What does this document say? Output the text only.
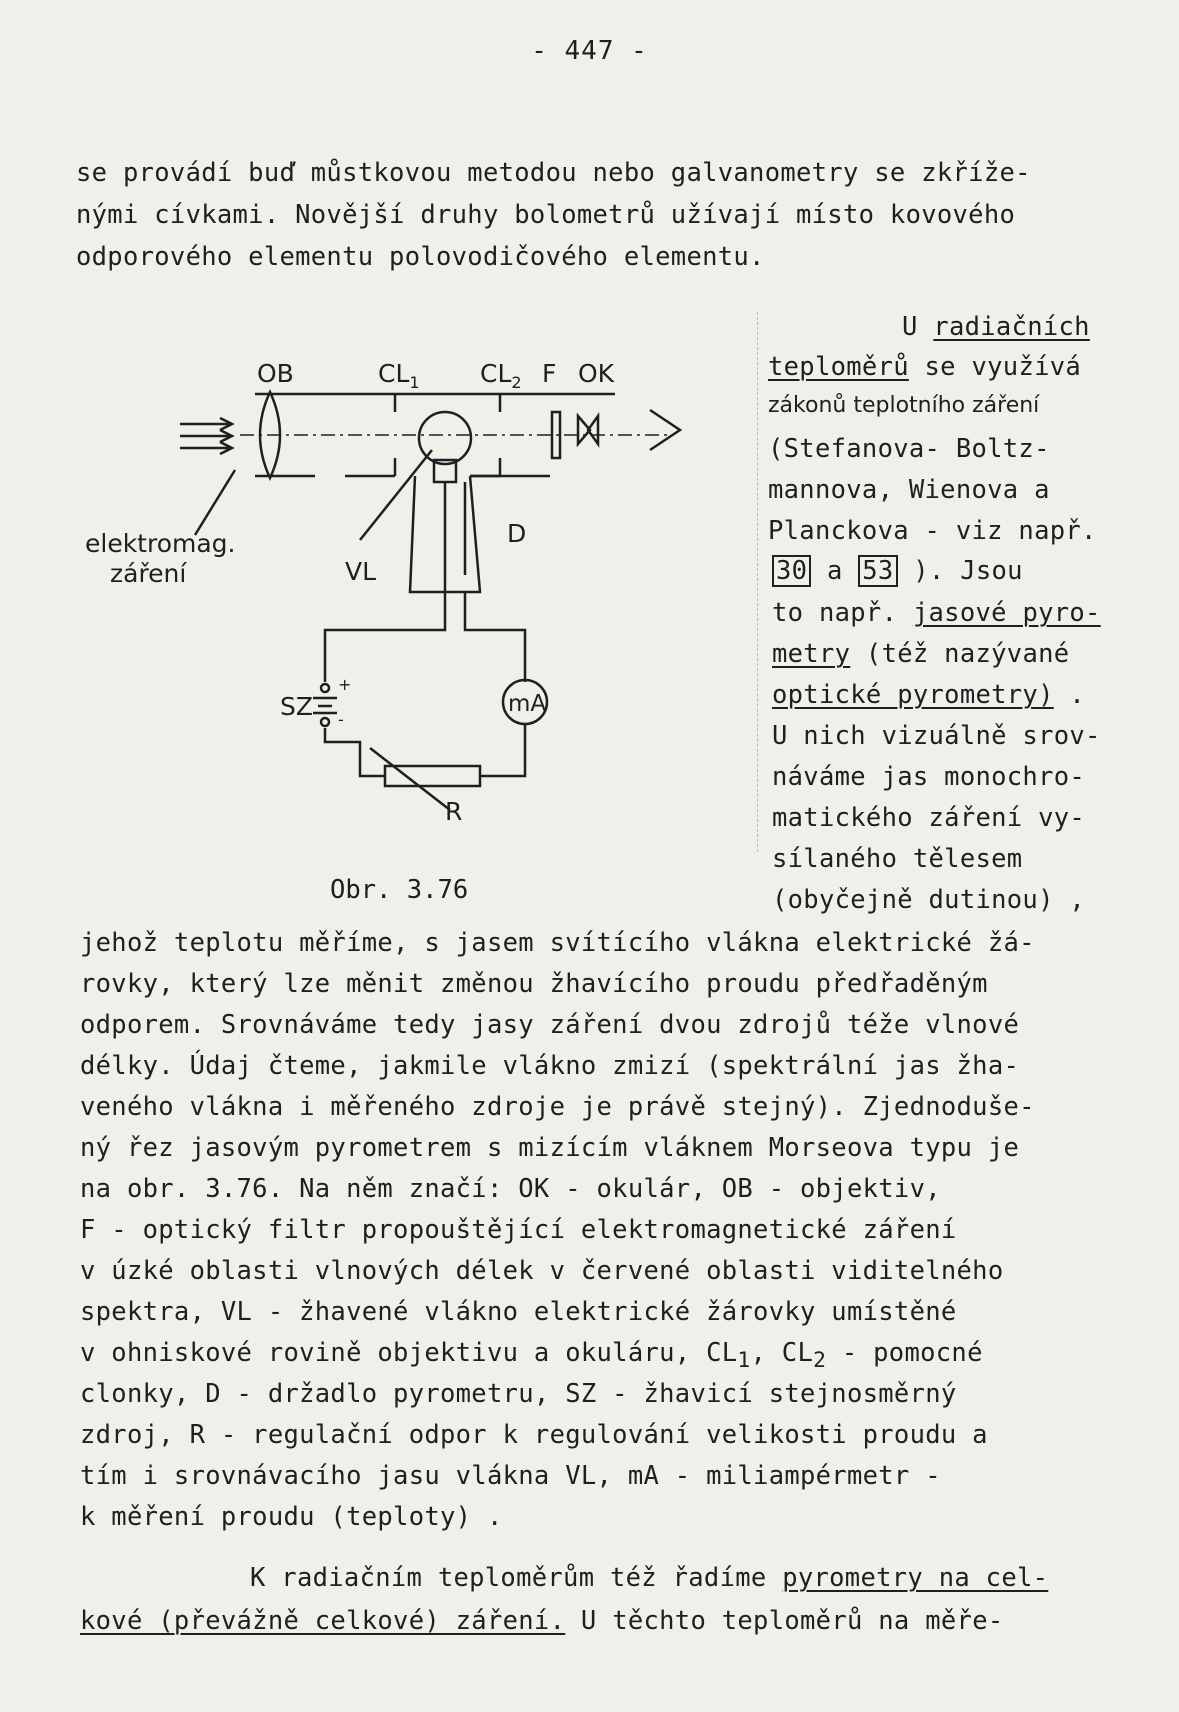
- 447 -
se provádí buď můstkovou metodou nebo galvanometry se zkříže-
nými cívkami. Novější druhy bolometrů užívají místo kovového
odporového elementu polovodičového elementu.
OB	$CL_1$ $CL_2$ F OK
elektromag.
záření	VL
D
SZ
+
-
mA
R
Obr. 3.76
U radiačních
teploměrů se využívá
zákonů teplotního záření
(Stefanova- Boltz-
mannova, Wienova a
Planckova - viz např.
30 a 53 ). Jsou
to např. jasové pyro-
metry (též nazývané
optické pyrometry) .
U nich vizuálně srov-
náváme jas monochro-
matického záření vy-
sílaného tělesem
(obyčejně dutinou) ,
jehož teplotu měříme, s jasem svítícího vlákna elektrické žá-
rovky, který lze měnit změnou žhavícího proudu předřaděným
odporem. Srovnáváme tedy jasy záření dvou zdrojů téže vlnové
délky. Údaj čteme, jakmile vlákno zmizí (spektrální jas žha-
veného vlákna i měřeného zdroje je právě stejný). Zjednoduše-
ný řez jasovým pyrometrem s mizícím vláknem Morseova typu je
na obr. 3.76. Na něm značí: OK - okulár, OB - objektiv,
F - optický filtr propouštějící elektromagnetické záření
v úzké oblasti vlnových délek v červené oblasti viditelného
spektra, VL - žhavené vlákno elektrické žárovky umístěné
v ohniskové rovině objektivu a okuláru, $CL_1$, $CL_2$ - pomocné
clonky, D - držadlo pyrometru, SZ - žhavicí stejnosměrný
zdroj, R - regulační odpor k regulování velikosti proudu a
tím i srovnávacího jasu vlákna VL, mA - miliampérmetr -
k měření proudu (teploty) .
K radiačním teploměrům též řadíme pyrometry na cel-
kové (převážně celkové) záření. U těchto teploměrů na měře-
